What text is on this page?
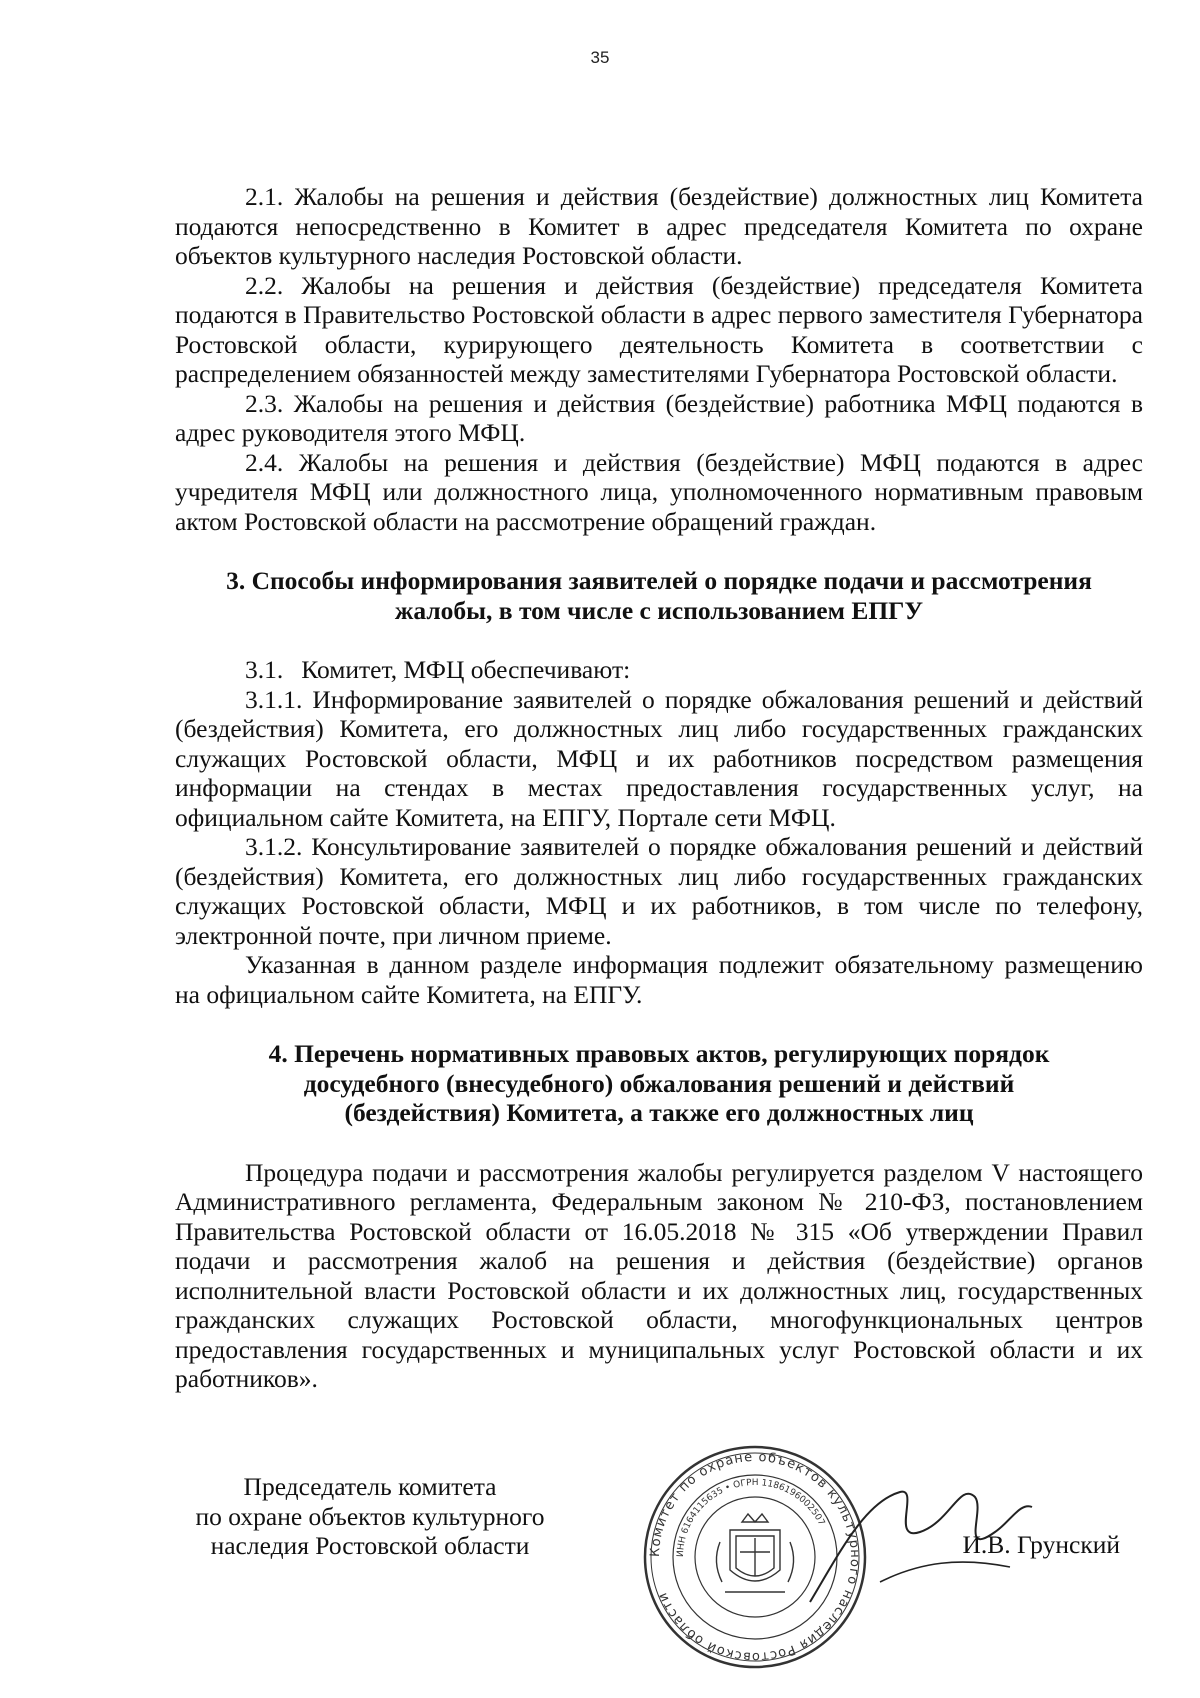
35

2.1. Жалобы на решения и действия (бездействие) должностных лиц Комитета подаются непосредственно в Комитет в адрес председателя Комитета по охране объектов культурного наследия Ростовской области.

2.2. Жалобы на решения и действия (бездействие) председателя Комитета подаются в Правительство Ростовской области в адрес первого заместителя Губернатора Ростовской области, курирующего деятельность Комитета в соответствии с распределением обязанностей между заместителями Губернатора Ростовской области.

2.3. Жалобы на решения и действия (бездействие) работника МФЦ подаются в адрес руководителя этого МФЦ.

2.4. Жалобы на решения и действия (бездействие) МФЦ подаются в адрес учредителя МФЦ или должностного лица, уполномоченного нормативным правовым актом Ростовской области на рассмотрение обращений граждан.

3. Способы информирования заявителей о порядке подачи и рассмотрения
жалобы, в том числе с использованием ЕПГУ

3.1. Комитет, МФЦ обеспечивают:

3.1.1. Информирование заявителей о порядке обжалования решений и действий (бездействия) Комитета, его должностных лиц либо государственных гражданских служащих Ростовской области, МФЦ и их работников посредством размещения информации на стендах в местах предоставления государственных услуг, на официальном сайте Комитета, на ЕПГУ, Портале сети МФЦ.

3.1.2. Консультирование заявителей о порядке обжалования решений и действий (бездействия) Комитета, его должностных лиц либо государственных гражданских служащих Ростовской области, МФЦ и их работников, в том числе по телефону, электронной почте, при личном приеме.

Указанная в данном разделе информация подлежит обязательному размещению на официальном сайте Комитета, на ЕПГУ.

4. Перечень нормативных правовых актов, регулирующих порядок
досудебного (внесудебного) обжалования решений и действий
(бездействия) Комитета, а также его должностных лиц

Процедура подачи и рассмотрения жалобы регулируется разделом V настоящего Административного регламента, Федеральным законом № 210-ФЗ, постановлением Правительства Ростовской области от 16.05.2018 № 315 «Об утверждении Правил подачи и рассмотрения жалоб на решения и действия (бездействие) органов исполнительной власти Ростовской области и их должностных лиц, государственных гражданских служащих Ростовской области, многофункциональных центров предоставления государственных и муниципальных услуг Ростовской области и их работников».

Председатель комитета
по охране объектов культурного
наследия Ростовской области	Комитет по охране объектов культурного наследия Ростовской области
ИНН 6164115635 • ОГРН 1186196002507
И.В. Грунский
